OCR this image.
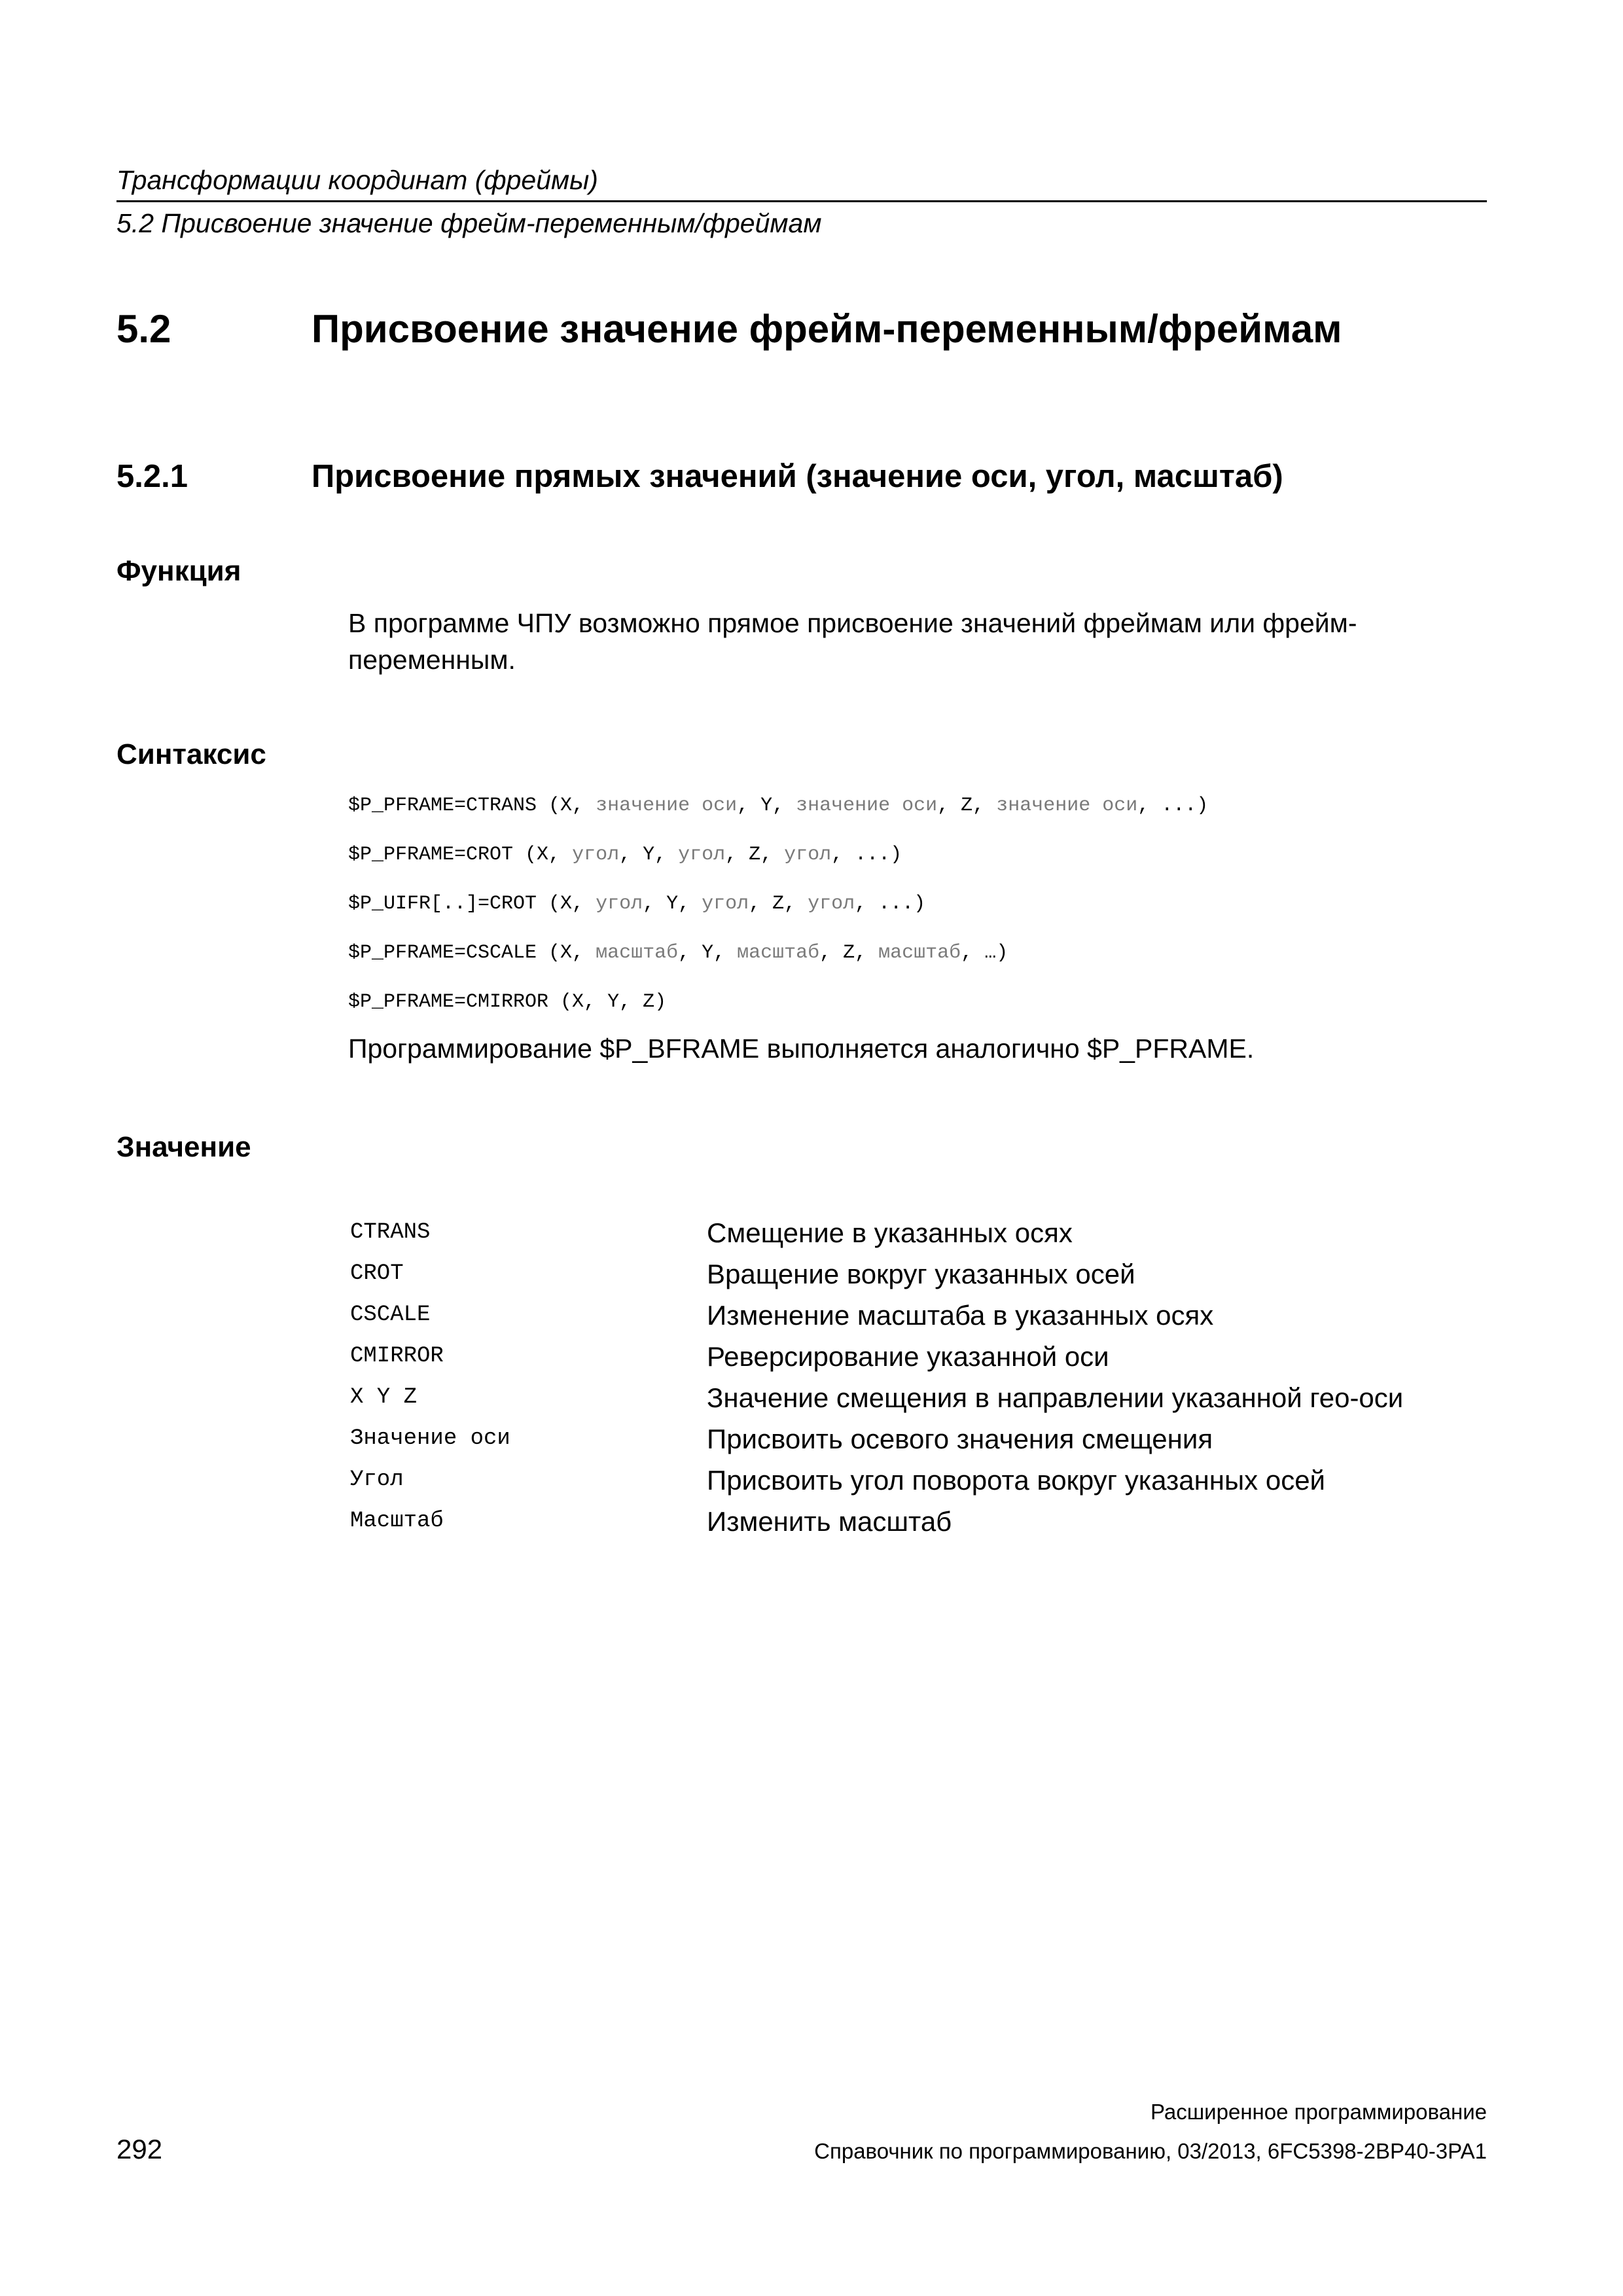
Трансформации координат (фреймы)
5.2 Присвоение значение фрейм-переменным/фреймам
5.2	Присвоение значение фрейм-переменным/фреймам
5.2.1	Присвоение прямых значений (значение оси, угол, масштаб)
Функция
В программе ЧПУ возможно прямое присвоение значений фреймам или фрейм-
переменным.
Синтаксис
$P_PFRAME=CTRANS (X, значение оси, Y, значение оси, Z, значение оси, ...)
$P_PFRAME=CROT (X, угол, Y, угол, Z, угол, ...)
$P_UIFR[..]=CROT (X, угол, Y, угол, Z, угол, ...)
$P_PFRAME=CSCALE (X, масштаб, Y, масштаб, Z, масштаб, …)
$P_PFRAME=CMIRROR (X, Y, Z)
Программирование $P_BFRAME выполняется аналогично $P_PFRAME.
Значение
CTRANS	Смещение в указанных осях
CROT	Вращение вокруг указанных осей
CSCALE	Изменение масштаба в указанных осях
CMIRROR	Реверсирование указанной оси
X Y Z	Значение смещения в направлении указанной гео-оси
Значение оси	Присвоить осевого значения смещения
Угол	Присвоить угол поворота вокруг указанных осей
Масштаб	Изменить масштаб
Расширенное программирование
292	Справочник по программированию, 03/2013, 6FC5398-2BP40-3PA1
